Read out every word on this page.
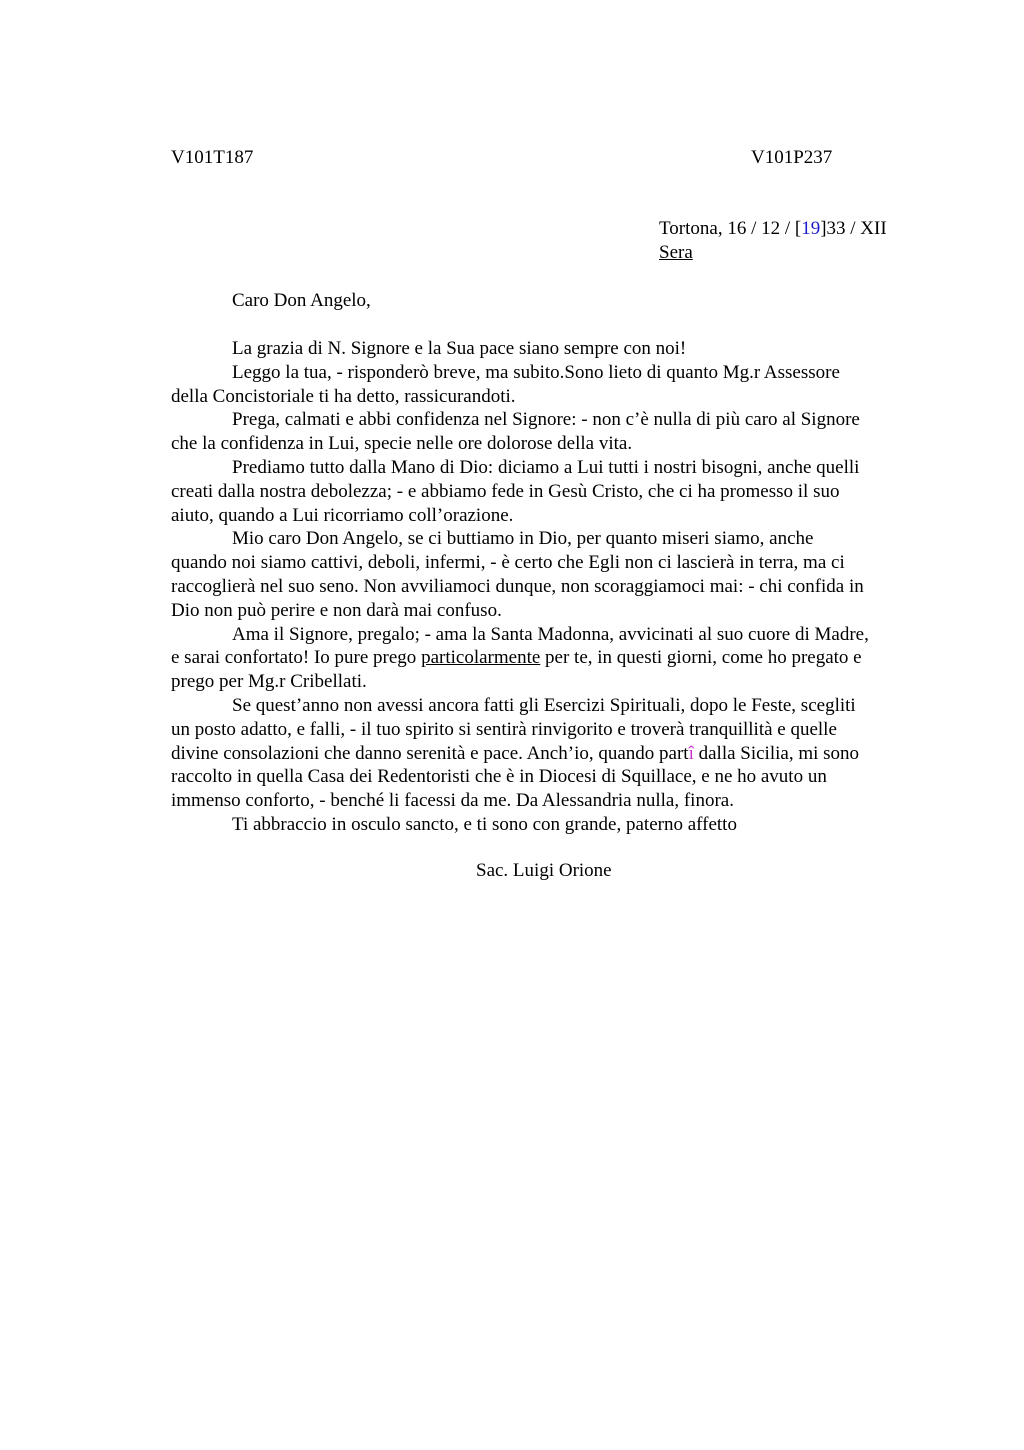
V101T187	V101P237
Tortona, 16 / 12 / [19]33 / XII
Sera
Caro Don Angelo,

La grazia di N. Signore e la Sua pace siano sempre con noi!

Leggo la tua, - risponderò breve, ma subito.Sono lieto di quanto Mg.r Assessore
della Concistoriale ti ha detto, rassicurandoti.

Prega, calmati e abbi confidenza nel Signore: - non c’è nulla di più caro al Signore
che la confidenza in Lui, specie nelle ore dolorose della vita.

Prediamo tutto dalla Mano di Dio: diciamo a Lui tutti i nostri bisogni, anche quelli
creati dalla nostra debolezza; - e abbiamo fede in Gesù Cristo, che ci ha promesso il suo
aiuto, quando a Lui ricorriamo coll’orazione.

Mio caro Don Angelo, se ci buttiamo in Dio, per quanto miseri siamo, anche
quando noi siamo cattivi, deboli, infermi, - è certo che Egli non ci lascierà in terra, ma ci
raccoglierà nel suo seno. Non avviliamoci dunque, non scoraggiamoci mai: - chi confida in
Dio non può perire e non darà mai confuso.

Ama il Signore, pregalo; - ama la Santa Madonna, avvicinati al suo cuore di Madre,
e sarai confortato! Io pure prego particolarmente per te, in questi giorni, come ho pregato e
prego per Mg.r Cribellati.

Se quest’anno non avessi ancora fatti gli Esercizi Spirituali, dopo le Feste, scegliti
un posto adatto, e falli, - il tuo spirito si sentirà rinvigorito e troverà tranquillità e quelle
divine consolazioni che danno serenità e pace. Anch’io, quando partî dalla Sicilia, mi sono
raccolto in quella Casa dei Redentoristi che è in Diocesi di Squillace, e ne ho avuto un
immenso conforto, - benché li facessi da me. Da Alessandria nulla, finora.

Ti abbraccio in osculo sancto, e ti sono con grande, paterno affetto

Sac. Luigi Orione
